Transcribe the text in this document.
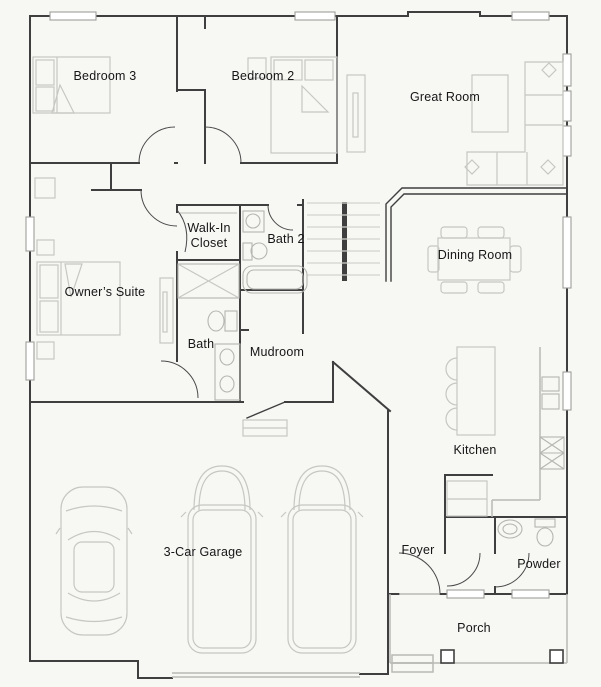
Bedroom 3	Bedroom 2
Great Room
Walk-In
Closet	Bath 2
Dining Room
Owner’s Suite
Bath
Mudroom
Kitchen
3-Car Garage	Foyer
Powder
Porch
